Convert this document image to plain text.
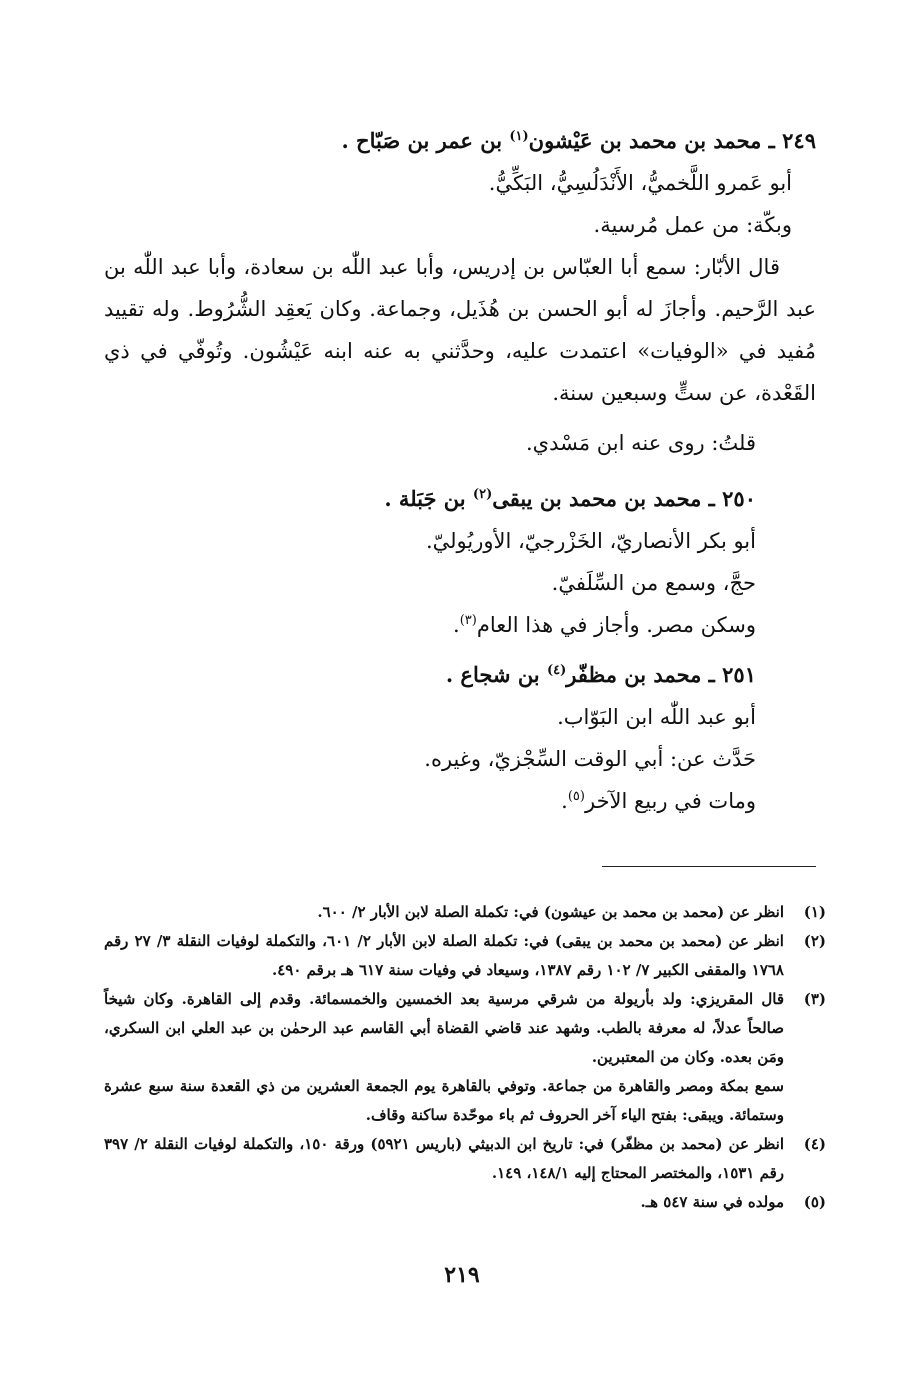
٢٤٩ ـ محمد بن محمد بن عَيْشون$^{(١)}$ بن عمر بن صَبّاح .

أبو عَمرو اللَّخميُّ، الأَنْدَلُسِيُّ، البَكِّيُّ.

وبكّة: من عمل مُرسية.

قال الأبّار: سمع أبا العبّاس بن إدريس، وأبا عبد اللّٰه بن سعادة، وأبا عبد اللّٰه بن عبد الرَّحيم. وأجازَ له أبو الحسن بن هُذَيل، وجماعة. وكان يَعقِد الشُّرُوط. وله تقييد مُفيد في «الوفيات» اعتمدت عليه، وحدَّثني به عنه ابنه عَيْشُون. وتُوفّي في ذي القَعْدة، عن ستٍّ وسبعين سنة.

قلتُ: روى عنه ابن مَسْدي.

٢٥٠ ـ محمد بن محمد بن يبقى$^{(٢)}$ بن جَبَلة .

أبو بكر الأنصاريّ، الخَزْرجيّ، الأوريُوليّ.

حجَّ، وسمع من السِّلَفيّ.

وسكن مصر. وأجاز في هذا العام$^{(٣)}$.

٢٥١ ـ محمد بن مظفّر$^{(٤)}$ بن شجاع .

أبو عبد اللّٰه ابن البَوّاب.

حَدَّث عن: أبي الوقت السِّجْزيّ، وغيره.

ومات في ربيع الآخر$^{(٥)}$.

(١)
انظر عن (محمد بن محمد بن عيشون) في: تكملة الصلة لابن الأبار ٢/ ٦٠٠.
(٢)
انظر عن (محمد بن محمد بن يبقى) في: تكملة الصلة لابن الأبار ٢/ ٦٠١، والتكملة لوفيات النقلة ٣/ ٢٧ رقم ١٧٦٨ والمقفى الكبير ٧/ ١٠٢ رقم ١٣٨٧، وسيعاد في وفيات سنة ٦١٧ هـ برقم ٤٩٠.
(٣)
قال المقريزي: ولد بأريولة من شرقي مرسية بعد الخمسين والخمسمائة. وقدم إلى القاهرة. وكان شيخاً صالحاً عدلاً، له معرفة بالطب. وشهد عند قاضي القضاة أبي القاسم عبد الرحمٰن بن عبد العلي ابن السكري، ومَن بعده. وكان من المعتبرين.
سمع بمكة ومصر والقاهرة من جماعة. وتوفي بالقاهرة يوم الجمعة العشرين من ذي القعدة سنة سبع عشرة وستمائة. ويبقى: بفتح الياء آخر الحروف ثم باء موحّدة ساكنة وقاف.
(٤)
انظر عن (محمد بن مظفّر) في: تاريخ ابن الدبيثي (باريس ٥٩٢١) ورقة ١٥٠، والتكملة لوفيات النقلة ٢/ ٣٩٧ رقم ١٥٣١، والمختصر المحتاج إليه ١٤٨/١، ١٤٩.
(٥)
مولده في سنة ٥٤٧ هـ.
٢١٩
